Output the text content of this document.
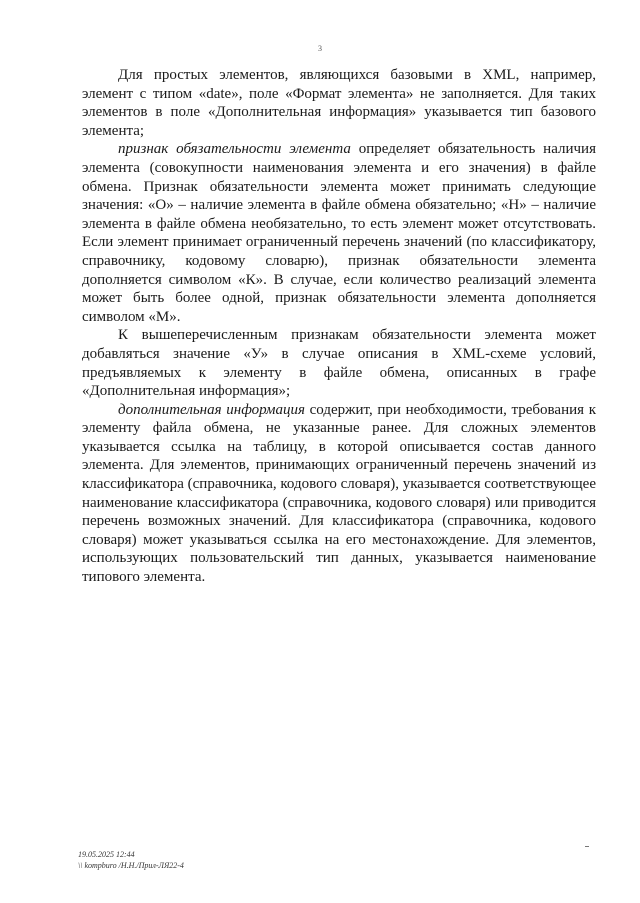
3

Для простых элементов, являющихся базовыми в XML, например, элемент с типом «date», поле «Формат элемента» не заполняется. Для таких элементов в поле «Дополнительная информация» указывается тип базового элемента;

признак обязательности элемента определяет обязательность наличия элемента (совокупности наименования элемента и его значения) в файле обмена. Признак обязательности элемента может принимать следующие значения: «О» – наличие элемента в файле обмена обязательно; «Н» – наличие элемента в файле обмена необязательно, то есть элемент может отсутствовать. Если элемент принимает ограниченный перечень значений (по классификатору, справочнику, кодовому словарю), признак обязательности элемента дополняется символом «К». В случае, если количество реализаций элемента может быть более одной, признак обязательности элемента дополняется символом «М».

К вышеперечисленным признакам обязательности элемента может добавляться значение «У» в случае описания в XML-схеме условий, предъявляемых к элементу в файле обмена, описанных в графе «Дополнительная информация»;

дополнительная информация содержит, при необходимости, требования к элементу файла обмена, не указанные ранее. Для сложных элементов указывается ссылка на таблицу, в которой описывается состав данного элемента. Для элементов, принимающих ограниченный перечень значений из классификатора (справочника, кодового словаря), указывается соответствующее наименование классификатора (справочника, кодового словаря) или приводится перечень возможных значений. Для классификатора (справочника, кодового словаря) может указываться ссылка на его местонахождение. Для элементов, использующих пользовательский тип данных, указывается наименование типового элемента.

19.05.2025 12:44
\\ kompburo /Н.Н./Прил-ЛЯ22-4
